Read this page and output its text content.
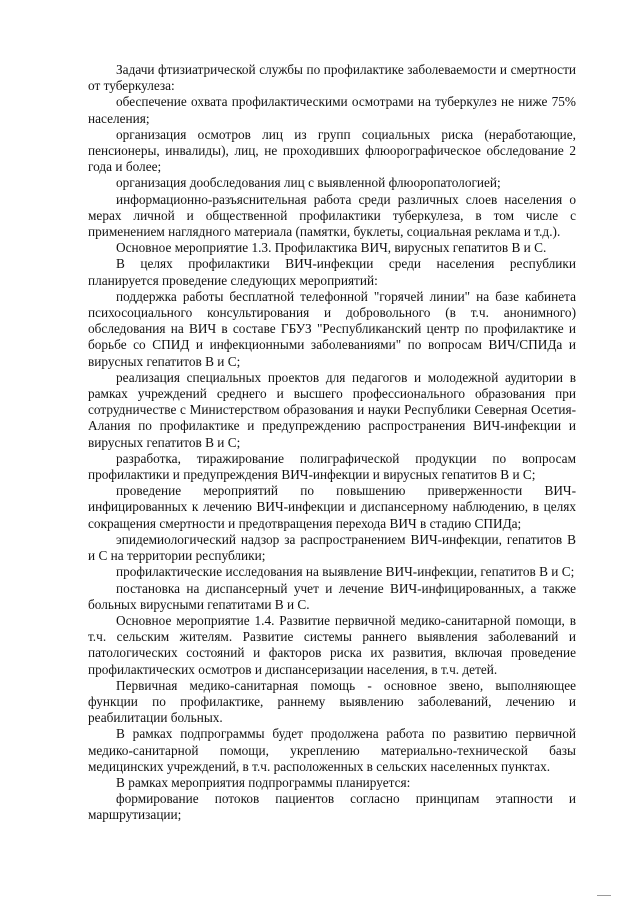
Задачи фтизиатрической службы по профилактике заболеваемости и смертности от туберкулеза:

обеспечение охвата профилактическими осмотрами на туберкулез не ниже 75% населения;

организация осмотров лиц из групп социальных риска (неработающие, пенсионеры, инвалиды), лиц, не проходивших флюорографическое обследование 2 года и более;

организация дообследования лиц с выявленной флюоропатологией;

информационно-разъяснительная работа среди различных слоев населения о мерах личной и общественной профилактики туберкулеза, в том числе с применением наглядного материала (памятки, буклеты, социальная реклама и т.д.).

Основное мероприятие 1.3. Профилактика ВИЧ, вирусных гепатитов В и С.

В целях профилактики ВИЧ-инфекции среди населения республики планируется проведение следующих мероприятий:

поддержка работы бесплатной телефонной "горячей линии" на базе кабинета психосоциального консультирования и добровольного (в т.ч. анонимного) обследования на ВИЧ в составе ГБУЗ "Республиканский центр по профилактике и борьбе со СПИД и инфекционными заболеваниями" по вопросам ВИЧ/СПИДа и вирусных гепатитов В и С;

реализация специальных проектов для педагогов и молодежной аудитории в рамках учреждений среднего и высшего профессионального образования при сотрудничестве с Министерством образования и науки Республики Северная Осетия-Алания по профилактике и предупреждению распространения ВИЧ-инфекции и вирусных гепатитов В и С;

разработка, тиражирование полиграфической продукции по вопросам профилактики и предупреждения ВИЧ-инфекции и вирусных гепатитов В и С;

проведение мероприятий по повышению приверженности ВИЧ-инфицированных к лечению ВИЧ-инфекции и диспансерному наблюдению, в целях сокращения смертности и предотвращения перехода ВИЧ в стадию СПИДа;

эпидемиологический надзор за распространением ВИЧ-инфекции, гепатитов В и С на территории республики;

профилактические исследования на выявление ВИЧ-инфекции, гепатитов В и С;

постановка на диспансерный учет и лечение ВИЧ-инфицированных, а также больных вирусными гепатитами В и С.

Основное мероприятие 1.4. Развитие первичной медико-санитарной помощи, в т.ч. сельским жителям. Развитие системы раннего выявления заболеваний и патологических состояний и факторов риска их развития, включая проведение профилактических осмотров и диспансеризации населения, в т.ч. детей.

Первичная медико-санитарная помощь - основное звено, выполняющее функции по профилактике, раннему выявлению заболеваний, лечению и реабилитации больных.

В рамках подпрограммы будет продолжена работа по развитию первичной медико-санитарной помощи, укреплению материально-технической базы медицинских учреждений, в т.ч. расположенных в сельских населенных пунктах.

В рамках мероприятия подпрограммы планируется:

формирование потоков пациентов согласно принципам этапности и маршрутизации;
